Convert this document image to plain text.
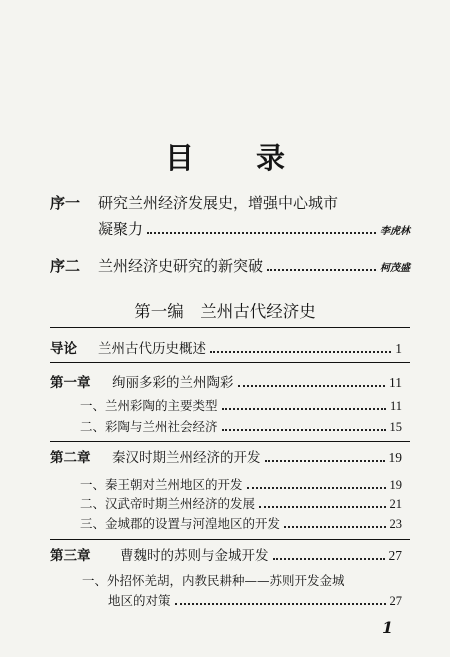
目 录
序一	研究兰州经济发展史，增强中心城市
凝聚力	李虎林
序二	兰州经济史研究的新突破	柯茂盛
第一编　兰州古代经济史
导论	兰州古代历史概述	1
第一章	绚丽多彩的兰州陶彩	11
一、兰州彩陶的主要类型	11
二、彩陶与兰州社会经济	15
第二章	秦汉时期兰州经济的开发	19
一、秦王朝对兰州地区的开发	19
二、汉武帝时期兰州经济的发展	21
三、金城郡的设置与河湟地区的开发	23
第三章	曹魏时的苏则与金城开发	27
一、外招怀羌胡，内教民耕种——苏则开发金城
地区的对策	27
1
